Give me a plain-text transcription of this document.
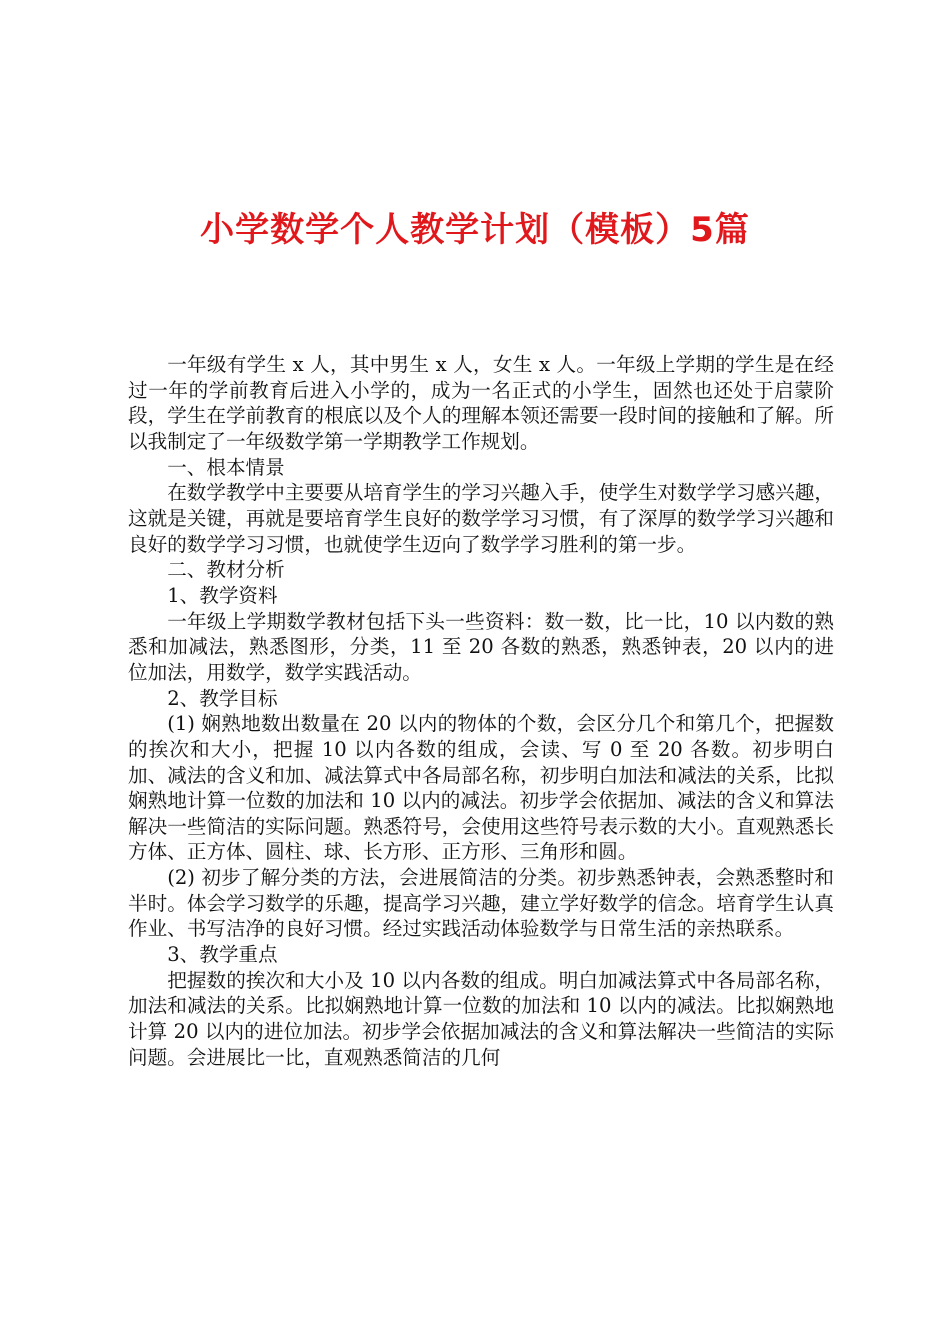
小学数学个人教学计划（模板）5篇

一年级有学生 x 人，其中男生 x 人，女生 x 人。一年级上学期的学生是在经过一年的学前教育后进入小学的，成为一名正式的小学生，固然也还处于启蒙阶段，学生在学前教育的根底以及个人的理解本领还需要一段时间的接触和了解。所以我制定了一年级数学第一学期教学工作规划。

一、根本情景

在数学教学中主要要从培育学生的学习兴趣入手，使学生对数学学习感兴趣，这就是关键，再就是要培育学生良好的数学学习习惯，有了深厚的数学学习兴趣和良好的数学学习习惯，也就使学生迈向了数学学习胜利的第一步。

二、教材分析

1、教学资料

一年级上学期数学教材包括下头一些资料：数一数，比一比，10 以内数的熟悉和加减法，熟悉图形，分类，11 至 20 各数的熟悉，熟悉钟表，20 以内的进位加法，用数学，数学实践活动。

2、教学目标

(1) 娴熟地数出数量在 20 以内的物体的个数，会区分几个和第几个，把握数的挨次和大小，把握 10 以内各数的组成，会读、写 0 至 20 各数。初步明白加、减法的含义和加、减法算式中各局部名称，初步明白加法和减法的关系，比拟娴熟地计算一位数的加法和 10 以内的减法。初步学会依据加、减法的含义和算法解决一些简洁的实际问题。熟悉符号，会使用这些符号表示数的大小。直观熟悉长方体、正方体、圆柱、球、长方形、正方形、三角形和圆。

(2) 初步了解分类的方法，会进展简洁的分类。初步熟悉钟表，会熟悉整时和半时。体会学习数学的乐趣，提高学习兴趣，建立学好数学的信念。培育学生认真作业、书写洁净的良好习惯。经过实践活动体验数学与日常生活的亲热联系。

3、教学重点

把握数的挨次和大小及 10 以内各数的组成。明白加减法算式中各局部名称，加法和减法的关系。比拟娴熟地计算一位数的加法和 10 以内的减法。比拟娴熟地计算 20 以内的进位加法。初步学会依据加减法的含义和算法解决一些简洁的实际问题。会进展比一比，直观熟悉简洁的几何
